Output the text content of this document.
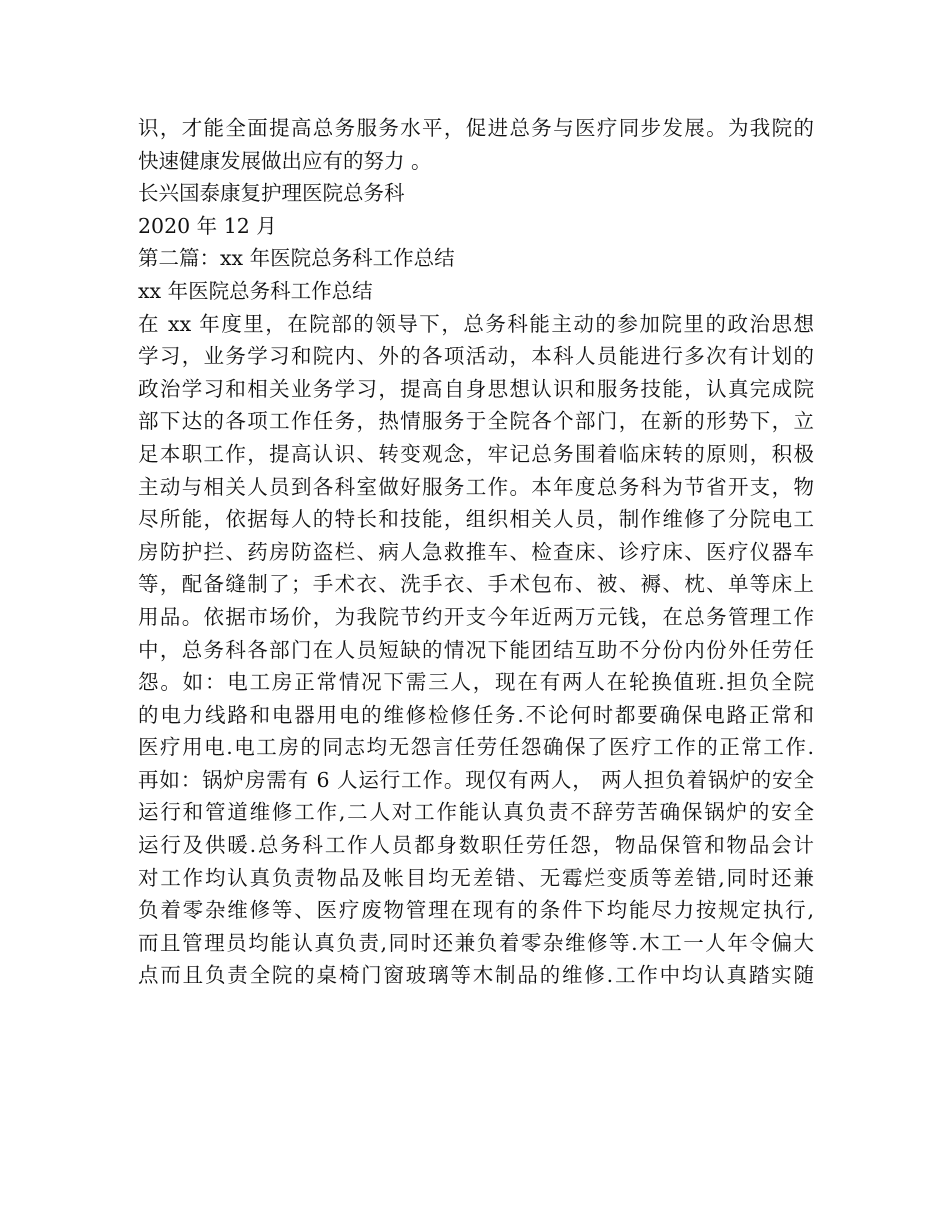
识，才能全面提高总务服务水平，促进总务与医疗同步发展。为我院的
快速健康发展做出应有的努力 。
长兴国泰康复护理医院总务科
2020 年 12 月
第二篇：xx 年医院总务科工作总结
xx 年医院总务科工作总结
在 xx 年度里，在院部的领导下，总务科能主动的参加院里的政治思想
学习，业务学习和院内、外的各项活动，本科人员能进行多次有计划的
政治学习和相关业务学习，提高自身思想认识和服务技能，认真完成院
部下达的各项工作任务，热情服务于全院各个部门，在新的形势下，立
足本职工作，提高认识、转变观念，牢记总务围着临床转的原则，积极
主动与相关人员到各科室做好服务工作。本年度总务科为节省开支，物
尽所能，依据每人的特长和技能，组织相关人员，制作维修了分院电工
房防护拦、药房防盗栏、病人急救推车、检查床、诊疗床、医疗仪器车
等，配备缝制了；手术衣、洗手衣、手术包布、被、褥、枕、单等床上
用品。依据市场价，为我院节约开支今年近两万元钱，在总务管理工作
中，总务科各部门在人员短缺的情况下能团结互助不分份内份外任劳任
怨。如：电工房正常情况下需三人，现在有两人在轮换值班.担负全院
的电力线路和电器用电的维修检修任务.不论何时都要确保电路正常和
医疗用电.电工房的同志均无怨言任劳任怨确保了医疗工作的正常工作.
再如：锅炉房需有 6 人运行工作。现仅有两人， 两人担负着锅炉的安全
运行和管道维修工作,二人对工作能认真负责不辞劳苦确保锅炉的安全
运行及供暖.总务科工作人员都身数职任劳任怨，物品保管和物品会计
对工作均认真负责物品及帐目均无差错、无霉烂变质等差错,同时还兼
负着零杂维修等、医疗废物管理在现有的条件下均能尽力按规定执行,
而且管理员均能认真负责,同时还兼负着零杂维修等.木工一人年令偏大
点而且负责全院的桌椅门窗玻璃等木制品的维修.工作中均认真踏实随
